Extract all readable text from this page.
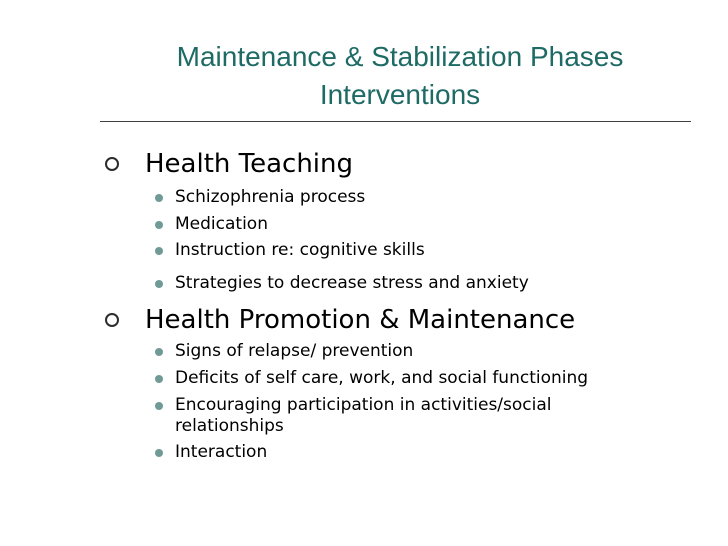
Maintenance & Stabilization Phases
Interventions
Health Teaching
Schizophrenia process
Medication
Instruction re: cognitive skills
Strategies to decrease stress and anxiety
Health Promotion & Maintenance
Signs of relapse/ prevention
Deficits of self care, work, and social functioning
Encouraging participation in activities/social
relationships
Interaction
